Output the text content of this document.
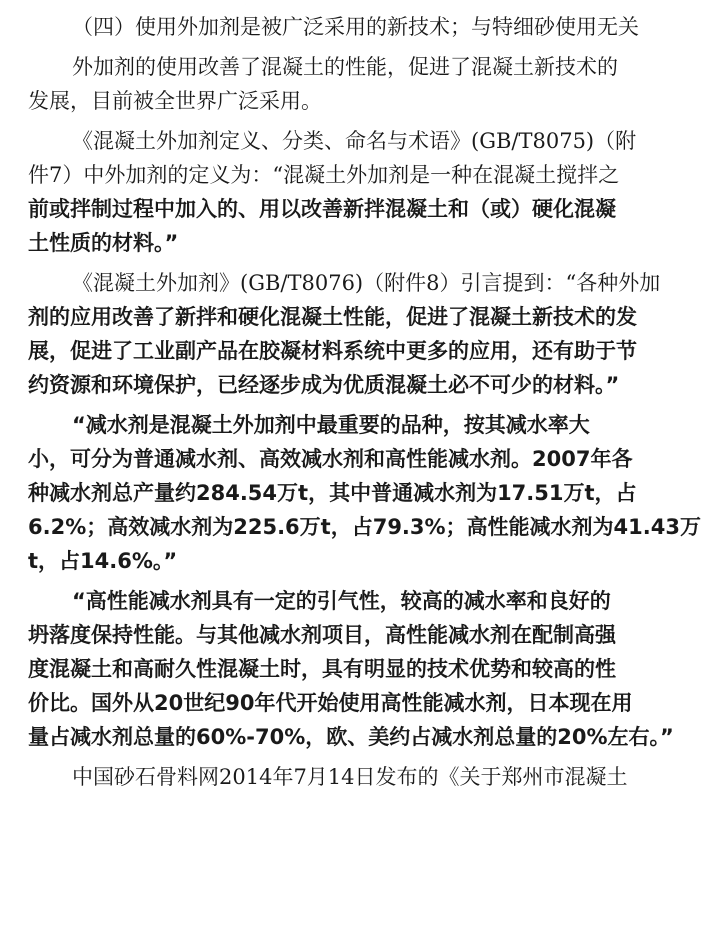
（四）使用外加剂是被广泛采用的新技术；与特细砂使用无关
外加剂的使用改善了混凝土的性能，促进了混凝土新技术的
发展，目前被全世界广泛采用。
《混凝土外加剂定义、分类、命名与术语》(GB/T8075)（附
件7）中外加剂的定义为：“混凝土外加剂是一种在混凝土搅拌之
前或拌制过程中加入的、用以改善新拌混凝土和（或）硬化混凝
土性质的材料。”
《混凝土外加剂》(GB/T8076)（附件8）引言提到：“各种外加
剂的应用改善了新拌和硬化混凝土性能，促进了混凝土新技术的发
展，促进了工业副产品在胶凝材料系统中更多的应用，还有助于节
约资源和环境保护，已经逐步成为优质混凝土必不可少的材料。”
“减水剂是混凝土外加剂中最重要的品种，按其减水率大
小，可分为普通减水剂、高效减水剂和高性能减水剂。2007年各
种减水剂总产量约284.54万t，其中普通减水剂为17.51万t，占
6.2%；高效减水剂为225.6万t，占79.3%；高性能减水剂为41.43万
t，占14.6%。”
“高性能减水剂具有一定的引气性，较高的减水率和良好的
坍落度保持性能。与其他减水剂项目，高性能减水剂在配制高强
度混凝土和高耐久性混凝土时，具有明显的技术优势和较高的性
价比。国外从20世纪90年代开始使用高性能减水剂，日本现在用
量占减水剂总量的60%-70%，欧、美约占减水剂总量的20%左右。”
中国砂石骨料网2014年7月14日发布的《关于郑州市混凝土
